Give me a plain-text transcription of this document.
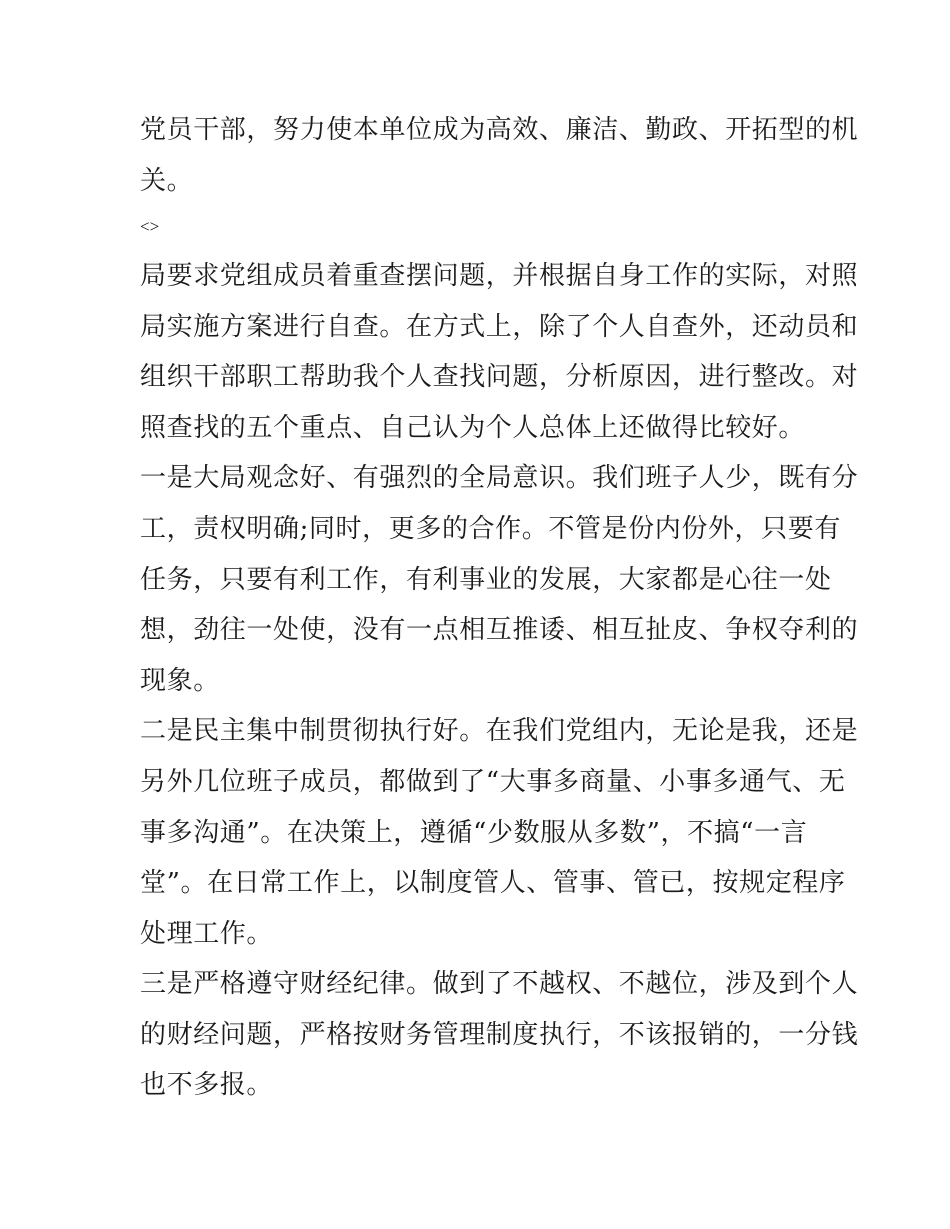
党员干部，努力使本单位成为高效、廉洁、勤政、开拓型的机
关。
<>
局要求党组成员着重查摆问题，并根据自身工作的实际，对照
局实施方案进行自查。在方式上，除了个人自查外，还动员和
组织干部职工帮助我个人查找问题，分析原因，进行整改。对
照查找的五个重点、自己认为个人总体上还做得比较好。
一是大局观念好、有强烈的全局意识。我们班子人少，既有分
工，责权明确;同时，更多的合作。不管是份内份外，只要有
任务，只要有利工作，有利事业的发展，大家都是心往一处
想，劲往一处使，没有一点相互推诿、相互扯皮、争权夺利的
现象。
二是民主集中制贯彻执行好。在我们党组内，无论是我，还是
另外几位班子成员，都做到了“大事多商量、小事多通气、无
事多沟通”。在决策上，遵循“少数服从多数”，不搞“一言
堂”。在日常工作上，以制度管人、管事、管已，按规定程序
处理工作。
三是严格遵守财经纪律。做到了不越权、不越位，涉及到个人
的财经问题，严格按财务管理制度执行，不该报销的，一分钱
也不多报。
